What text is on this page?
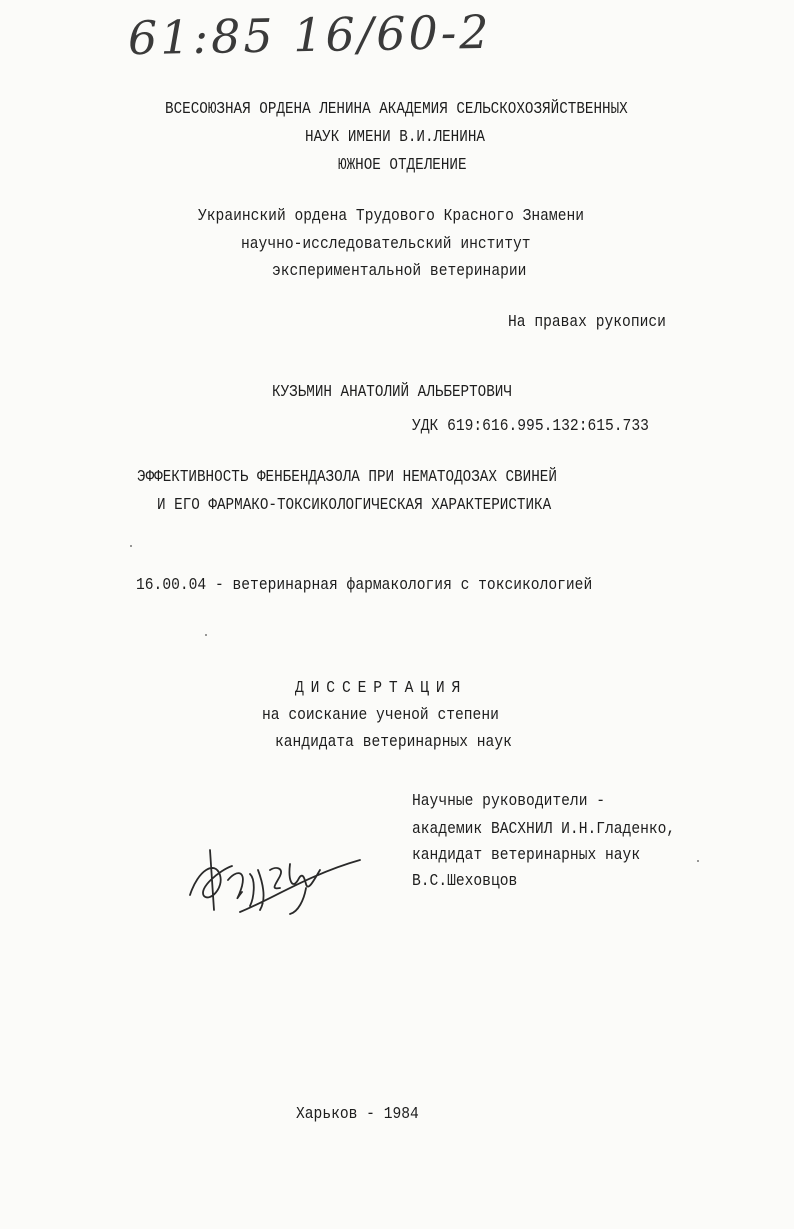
61:85 16/60-2
ВСЕСОЮЗНАЯ ОРДЕНА ЛЕНИНА АКАДЕМИЯ СЕЛЬСКОХОЗЯЙСТВЕННЫХ
НАУК ИМЕНИ В.И.ЛЕНИНА
ЮЖНОЕ ОТДЕЛЕНИЕ
Украинский ордена Трудового Красного Знамени
научно-исследовательский институт
экспериментальной ветеринарии
На правах рукописи
КУЗЬМИН АНАТОЛИЙ АЛЬБЕРТОВИЧ
УДК 619:616.995.132:615.733
ЭФФЕКТИВНОСТЬ ФЕНБЕНДАЗОЛА ПРИ НЕМАТОДОЗАХ СВИНЕЙ
И ЕГО ФАРМАКО-ТОКСИКОЛОГИЧЕСКАЯ ХАРАКТЕРИСТИКА
16.00.04 - ветеринарная фармакология с токсикологией
ДИССЕРТАЦИЯ
на соискание ученой степени
кандидата ветеринарных наук
Научные руководители -
академик ВАСХНИЛ И.Н.Гладенко,
кандидат ветеринарных наук
В.С.Шеховцов
Харьков - 1984
